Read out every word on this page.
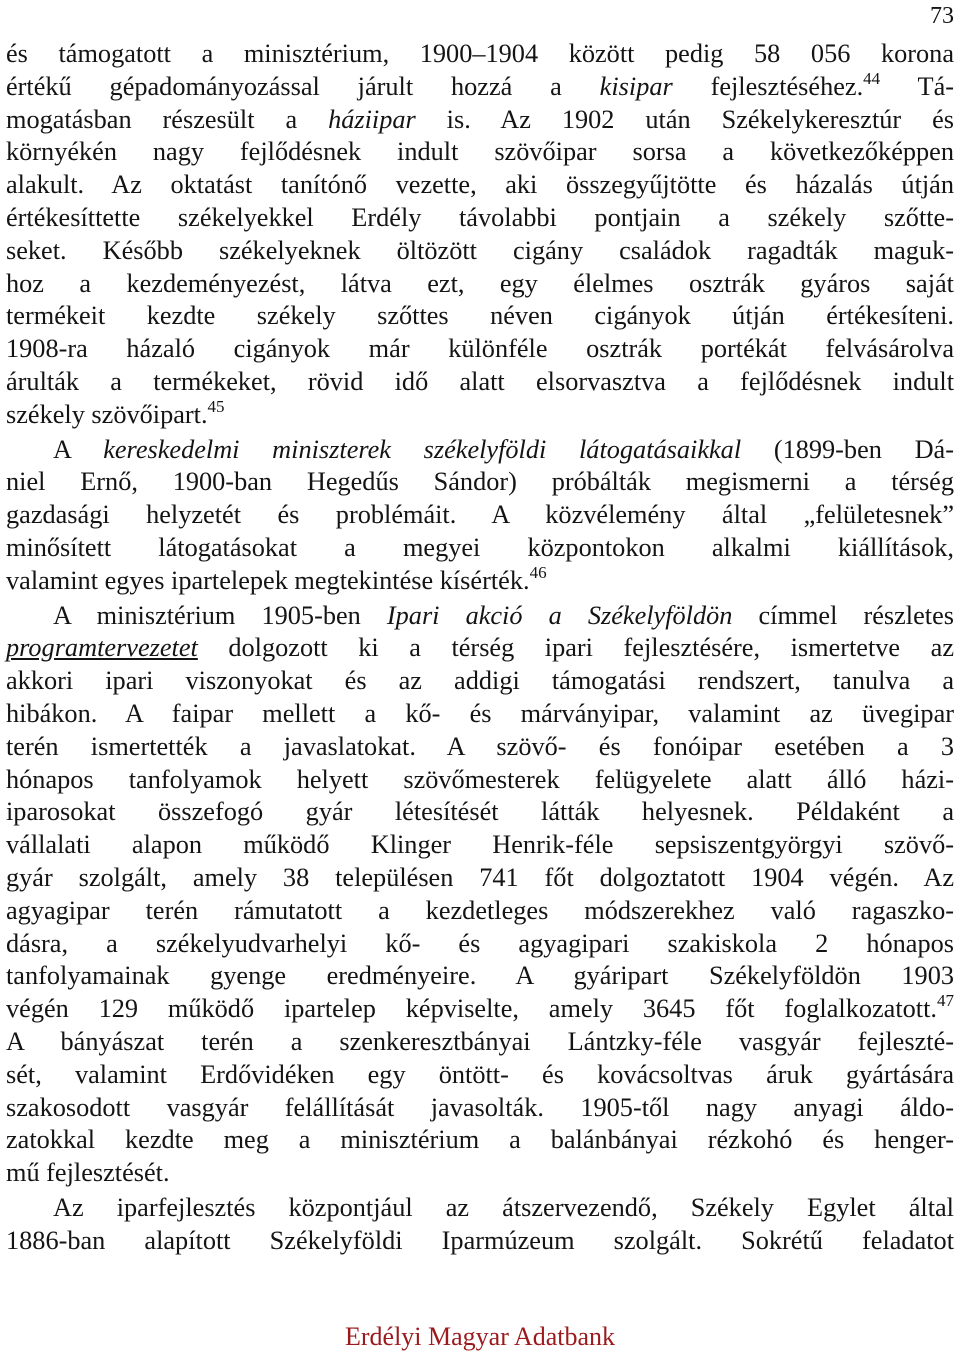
73
és támogatott a minisztérium, 1900–1904 között pedig 58 056 korona
értékű gépadományozással járult hozzá a kisipar fejlesztéséhez.$^{44}$ Tá-
mogatásban részesült a háziipar is. Az 1902 után Székelykeresztúr és
környékén nagy fejlődésnek indult szövőipar sorsa a következőképpen
alakult. Az oktatást tanítónő vezette, aki összegyűjtötte és házalás útján
értékesíttette székelyekkel Erdély távolabbi pontjain a székely szőtte-
seket. Később székelyeknek öltözött cigány családok ragadták maguk-
hoz a kezdeményezést, látva ezt, egy élelmes osztrák gyáros saját
termékeit kezdte székely szőttes néven cigányok útján értékesíteni.
1908-ra házaló cigányok már különféle osztrák portékát felvásárolva
árulták a termékeket, rövid idő alatt elsorvasztva a fejlődésnek indult
székely szövőipart.$^{45}$
A kereskedelmi miniszterek székelyföldi látogatásaikkal (1899-ben Dá-
niel Ernő, 1900-ban Hegedűs Sándor) próbálták megismerni a térség
gazdasági helyzetét és problémáit. A közvélemény által „felületesnek”
minősített látogatásokat a megyei központokon alkalmi kiállítások,
valamint egyes ipartelepek megtekintése kísérték.$^{46}$
A minisztérium 1905-ben Ipari akció a Székelyföldön címmel részletes
programtervezetet dolgozott ki a térség ipari fejlesztésére, ismertetve az
akkori ipari viszonyokat és az addigi támogatási rendszert, tanulva a
hibákon. A faipar mellett a kő- és márványipar, valamint az üvegipar
terén ismertették a javaslatokat. A szövő- és fonóipar esetében a 3
hónapos tanfolyamok helyett szövőmesterek felügyelete alatt álló házi-
iparosokat összefogó gyár létesítését látták helyesnek. Példaként a
vállalati alapon működő Klinger Henrik-féle sepsiszentgyörgyi szövő-
gyár szolgált, amely 38 településen 741 főt dolgoztatott 1904 végén. Az
agyagipar terén rámutatott a kezdetleges módszerekhez való ragaszko-
dásra, a székelyudvarhelyi kő- és agyagipari szakiskola 2 hónapos
tanfolyamainak gyenge eredményeire. A gyáripart Székelyföldön 1903
végén 129 működő ipartelep képviselte, amely 3645 főt foglalkozatott.$^{47}$
A bányászat terén a szenkeresztbányai Lántzky-féle vasgyár fejleszté-
sét, valamint Erdővidéken egy öntött- és kovácsoltvas áruk gyártására
szakosodott vasgyár felállítását javasolták. 1905-től nagy anyagi áldo-
zatokkal kezdte meg a minisztérium a balánbányai rézkohó és henger-
mű fejlesztését.
Az iparfejlesztés központjául az átszervezendő, Székely Egylet által
1886-ban alapított Székelyföldi Iparmúzeum szolgált. Sokrétű feladatot
Erdélyi Magyar Adatbank
